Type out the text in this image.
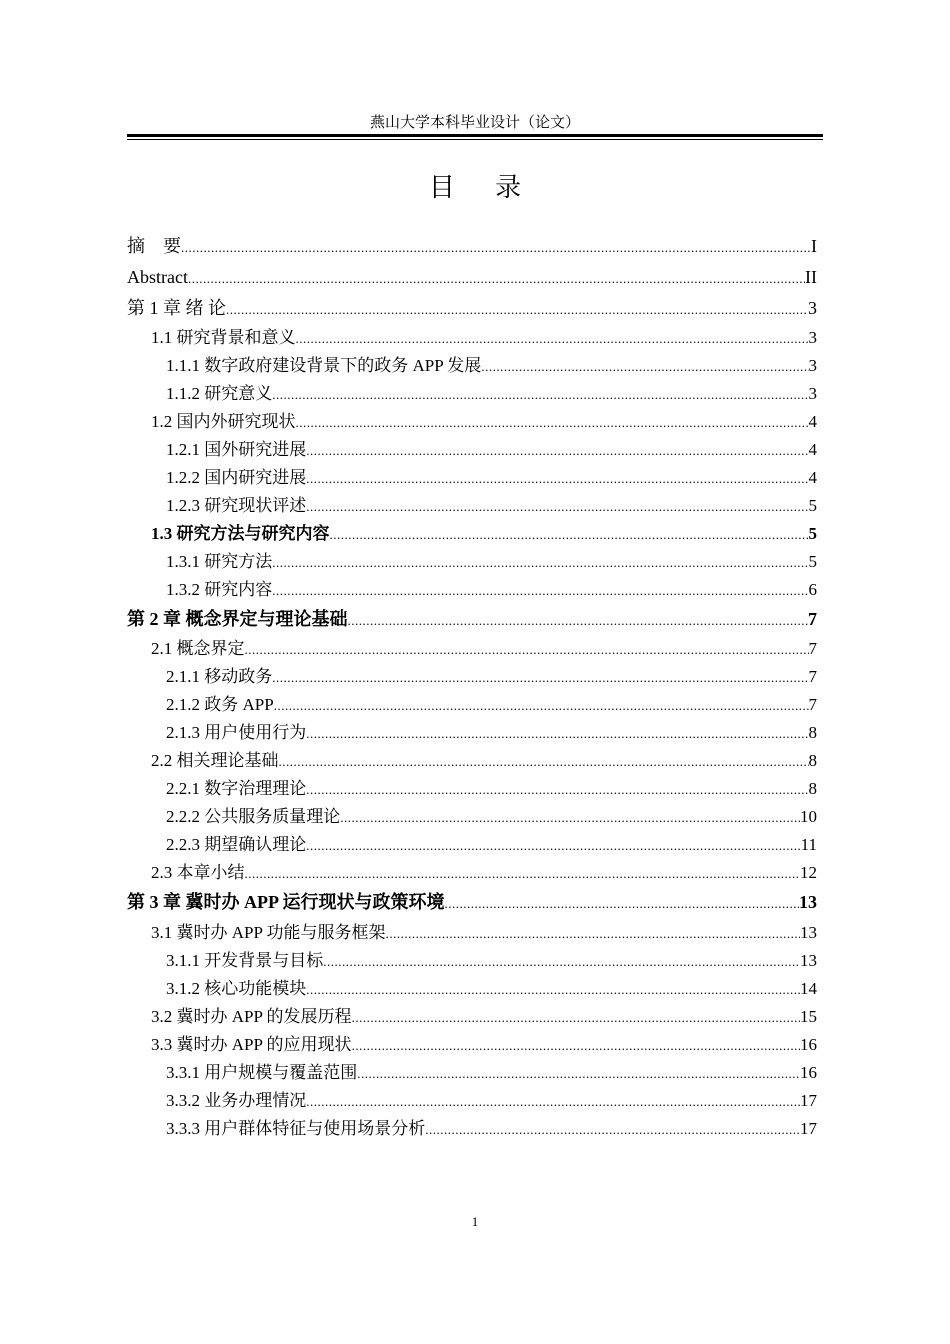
燕山大学本科毕业设计（论文）
目 录
摘　要 .....	I
Abstract .....	II
第 1 章 绪 论 .....	3
1.1 研究背景和意义 .....	3
1.1.1 数字政府建设背景下的政务 APP 发展 .....	3
1.1.2 研究意义 .....	3
1.2 国内外研究现状 .....	4
1.2.1 国外研究进展 .....	4
1.2.2 国内研究进展 .....	4
1.2.3 研究现状评述 .....	5
1.3 研究方法与研究内容 .....	5
1.3.1 研究方法 .....	5
1.3.2 研究内容 .....	6
第 2 章 概念界定与理论基础 .....	7
2.1 概念界定 .....	7
2.1.1 移动政务 .....	7
2.1.2 政务 APP .....	7
2.1.3 用户使用行为 .....	8
2.2 相关理论基础 .....	8
2.2.1 数字治理理论 .....	8
2.2.2 公共服务质量理论 .....	10
2.2.3 期望确认理论 .....	11
2.3 本章小结 .....	12
第 3 章 冀时办 APP 运行现状与政策环境 .....	13
3.1 冀时办 APP 功能与服务框架 .....	13
3.1.1 开发背景与目标 .....	13
3.1.2 核心功能模块 .....	14
3.2 冀时办 APP 的发展历程 .....	15
3.3 冀时办 APP 的应用现状 .....	16
3.3.1 用户规模与覆盖范围 .....	16
3.3.2 业务办理情况 .....	17
3.3.3 用户群体特征与使用场景分析 .....	17
1
